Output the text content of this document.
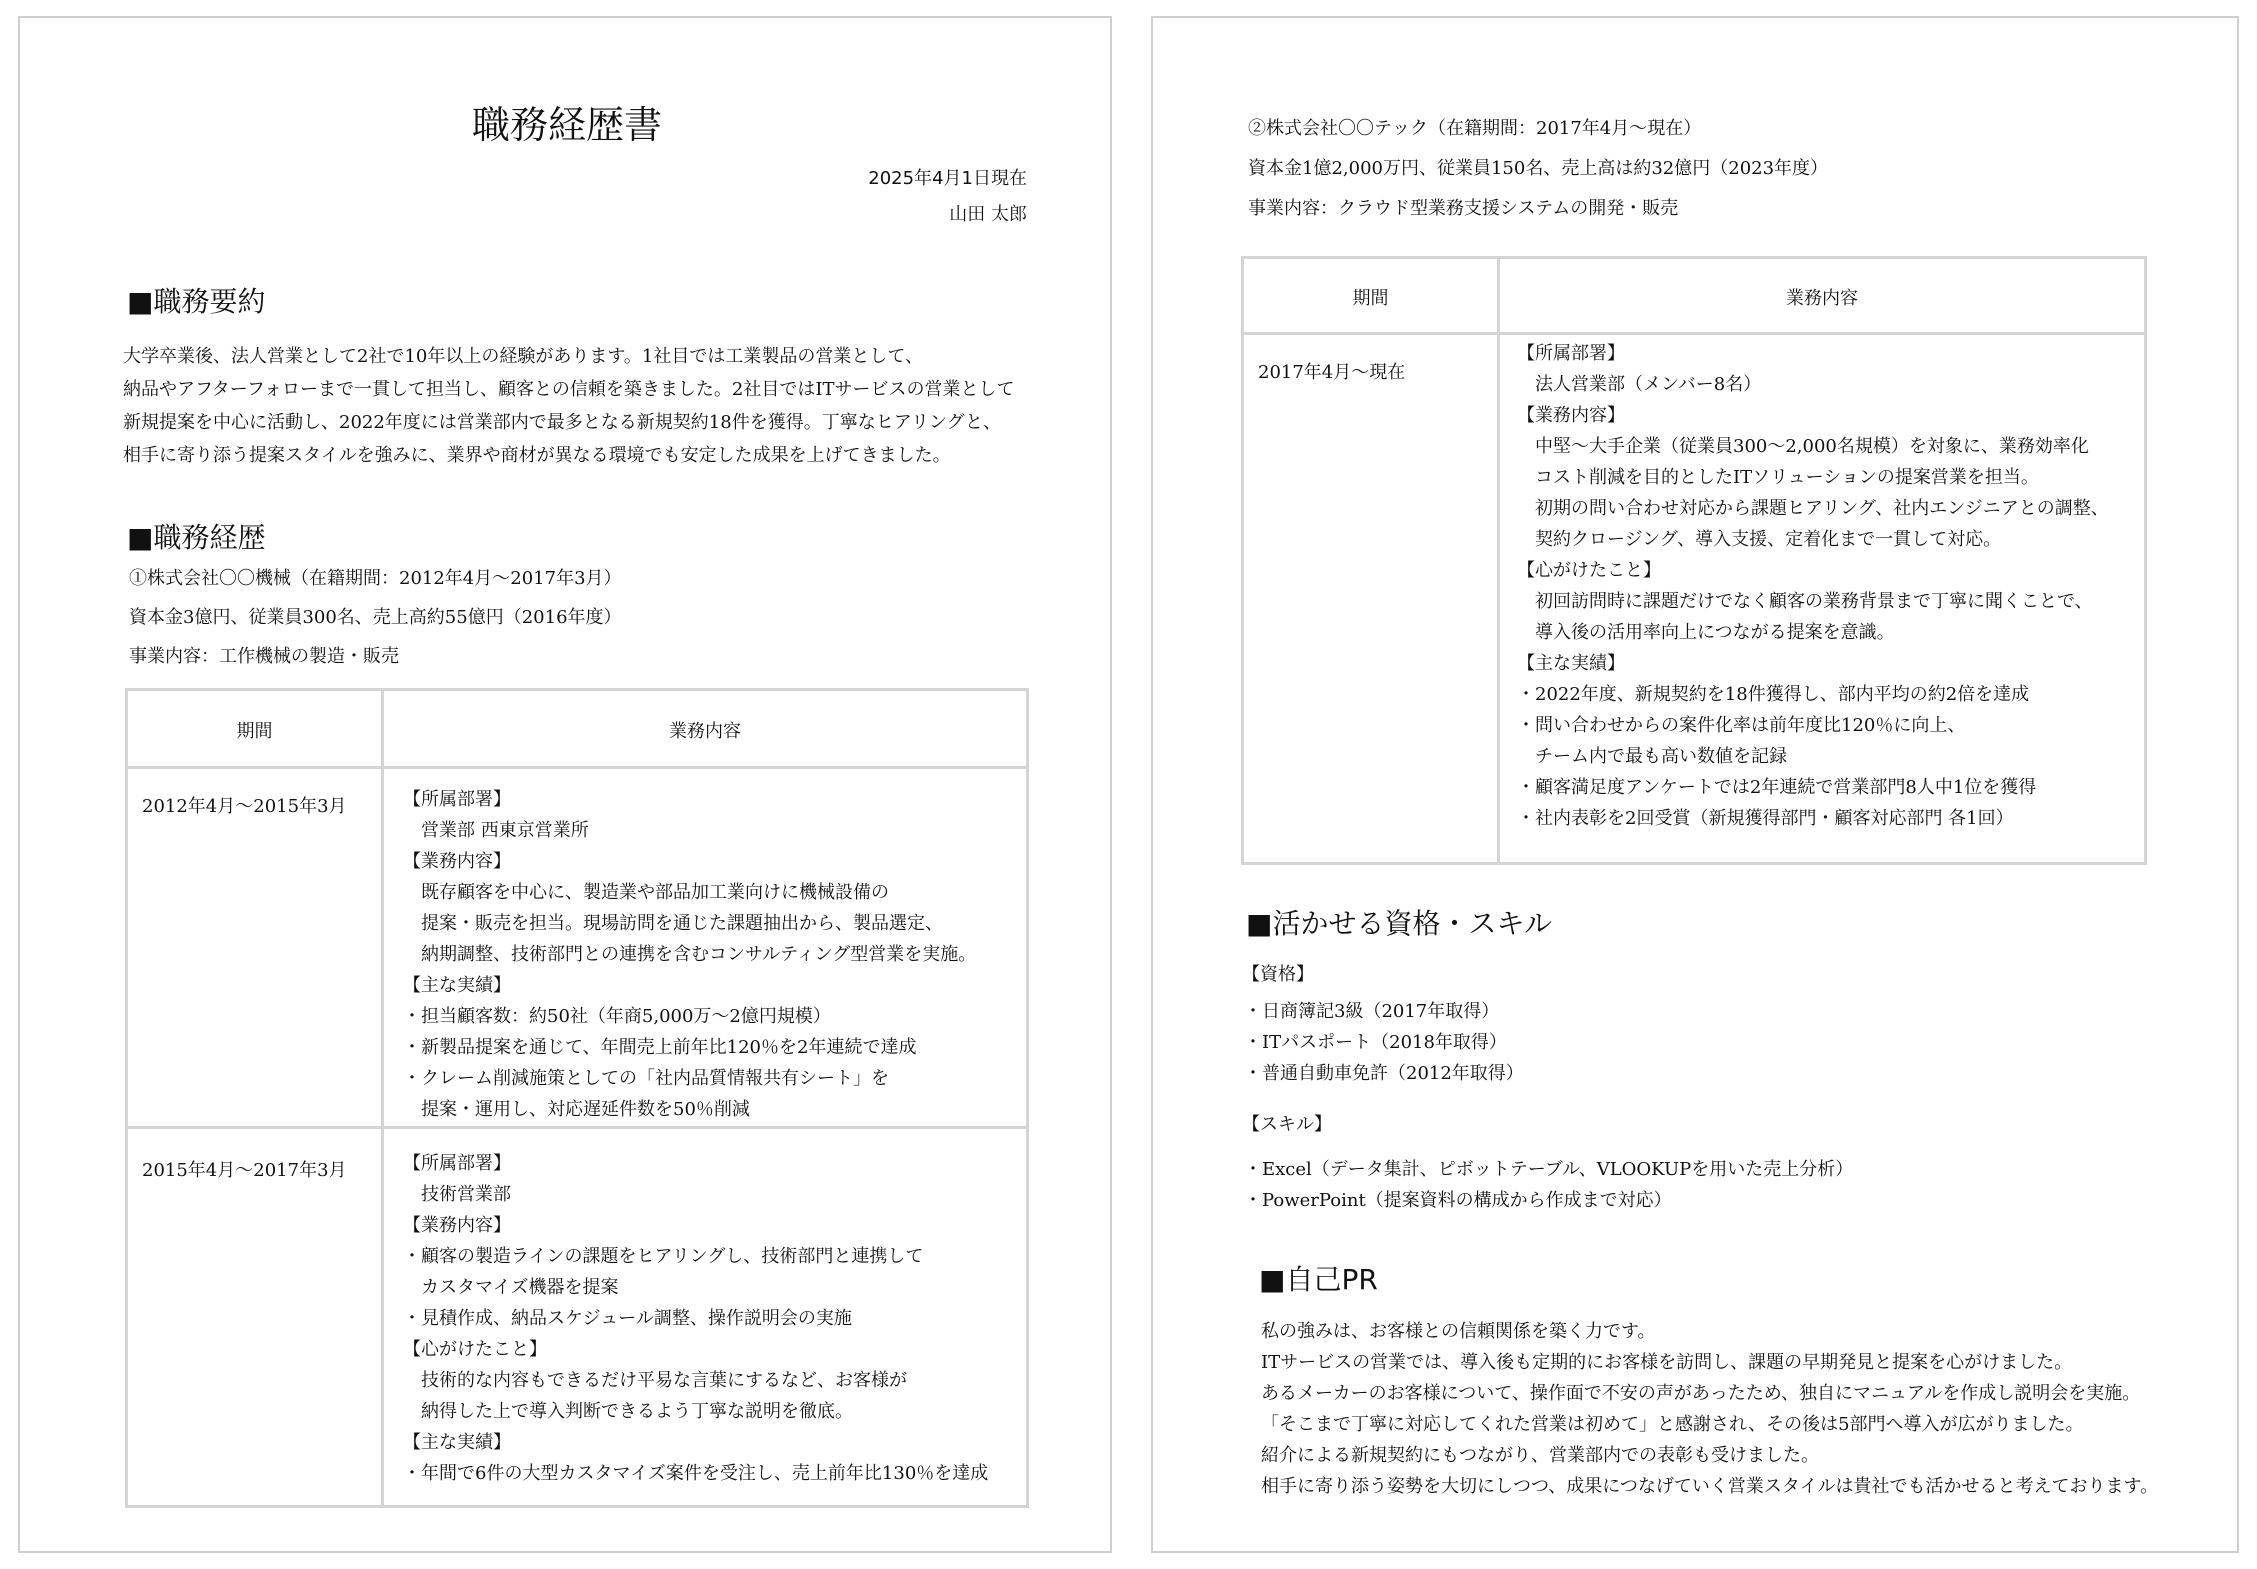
職務経歴書
2025年4月1日現在
山田 太郎
■職務要約
大学卒業後、法人営業として2社で10年以上の経験があります。1社目では工業製品の営業として、
納品やアフターフォローまで一貫して担当し、顧客との信頼を築きました。2社目ではITサービスの営業として
新規提案を中心に活動し、2022年度には営業部内で最多となる新規契約18件を獲得。丁寧なヒアリングと、
相手に寄り添う提案スタイルを強みに、業界や商材が異なる環境でも安定した成果を上げてきました。
■職務経歴
①株式会社〇〇機械（在籍期間：2012年4月〜2017年3月）
資本金3億円、従業員300名、売上高約55億円（2016年度）
事業内容：工作機械の製造・販売
期間	業務内容
2012年4月〜2015年3月	【所属部署】
　営業部 西東京営業所
【業務内容】
　既存顧客を中心に、製造業や部品加工業向けに機械設備の
　提案・販売を担当。現場訪問を通じた課題抽出から、製品選定、
　納期調整、技術部門との連携を含むコンサルティング型営業を実施。
【主な実績】
・担当顧客数：約50社（年商5,000万〜2億円規模）
・新製品提案を通じて、年間売上前年比120％を2年連続で達成
・クレーム削減施策としての「社内品質情報共有シート」を
　提案・運用し、対応遅延件数を50％削減
2015年4月〜2017年3月	【所属部署】
　技術営業部
【業務内容】
・顧客の製造ラインの課題をヒアリングし、技術部門と連携して
　カスタマイズ機器を提案
・見積作成、納品スケジュール調整、操作説明会の実施
【心がけたこと】
　技術的な内容もできるだけ平易な言葉にするなど、お客様が
　納得した上で導入判断できるよう丁寧な説明を徹底。
【主な実績】
・年間で6件の大型カスタマイズ案件を受注し、売上前年比130％を達成
②株式会社〇〇テック（在籍期間：2017年4月〜現在）
資本金1億2,000万円、従業員150名、売上高は約32億円（2023年度）
事業内容：クラウド型業務支援システムの開発・販売
期間	業務内容
2017年4月〜現在
【所属部署】
　法人営業部（メンバー8名）
【業務内容】
　中堅〜大手企業（従業員300〜2,000名規模）を対象に、業務効率化
　コスト削減を目的としたITソリューションの提案営業を担当。
　初期の問い合わせ対応から課題ヒアリング、社内エンジニアとの調整、
　契約クロージング、導入支援、定着化まで一貫して対応。
【心がけたこと】
　初回訪問時に課題だけでなく顧客の業務背景まで丁寧に聞くことで、
　導入後の活用率向上につながる提案を意識。
【主な実績】
・2022年度、新規契約を18件獲得し、部内平均の約2倍を達成
・問い合わせからの案件化率は前年度比120％に向上、
　チーム内で最も高い数値を記録
・顧客満足度アンケートでは2年連続で営業部門8人中1位を獲得
・社内表彰を2回受賞（新規獲得部門・顧客対応部門 各1回）
■活かせる資格・スキル
【資格】
・日商簿記3級（2017年取得）
・ITパスポート（2018年取得）
・普通自動車免許（2012年取得）
【スキル】
・Excel（データ集計、ピボットテーブル、VLOOKUPを用いた売上分析）
・PowerPoint（提案資料の構成から作成まで対応）
■自己PR
私の強みは、お客様との信頼関係を築く力です。
ITサービスの営業では、導入後も定期的にお客様を訪問し、課題の早期発見と提案を心がけました。
あるメーカーのお客様について、操作面で不安の声があったため、独自にマニュアルを作成し説明会を実施。
「そこまで丁寧に対応してくれた営業は初めて」と感謝され、その後は5部門へ導入が広がりました。
紹介による新規契約にもつながり、営業部内での表彰も受けました。
相手に寄り添う姿勢を大切にしつつ、成果につなげていく営業スタイルは貴社でも活かせると考えております。
